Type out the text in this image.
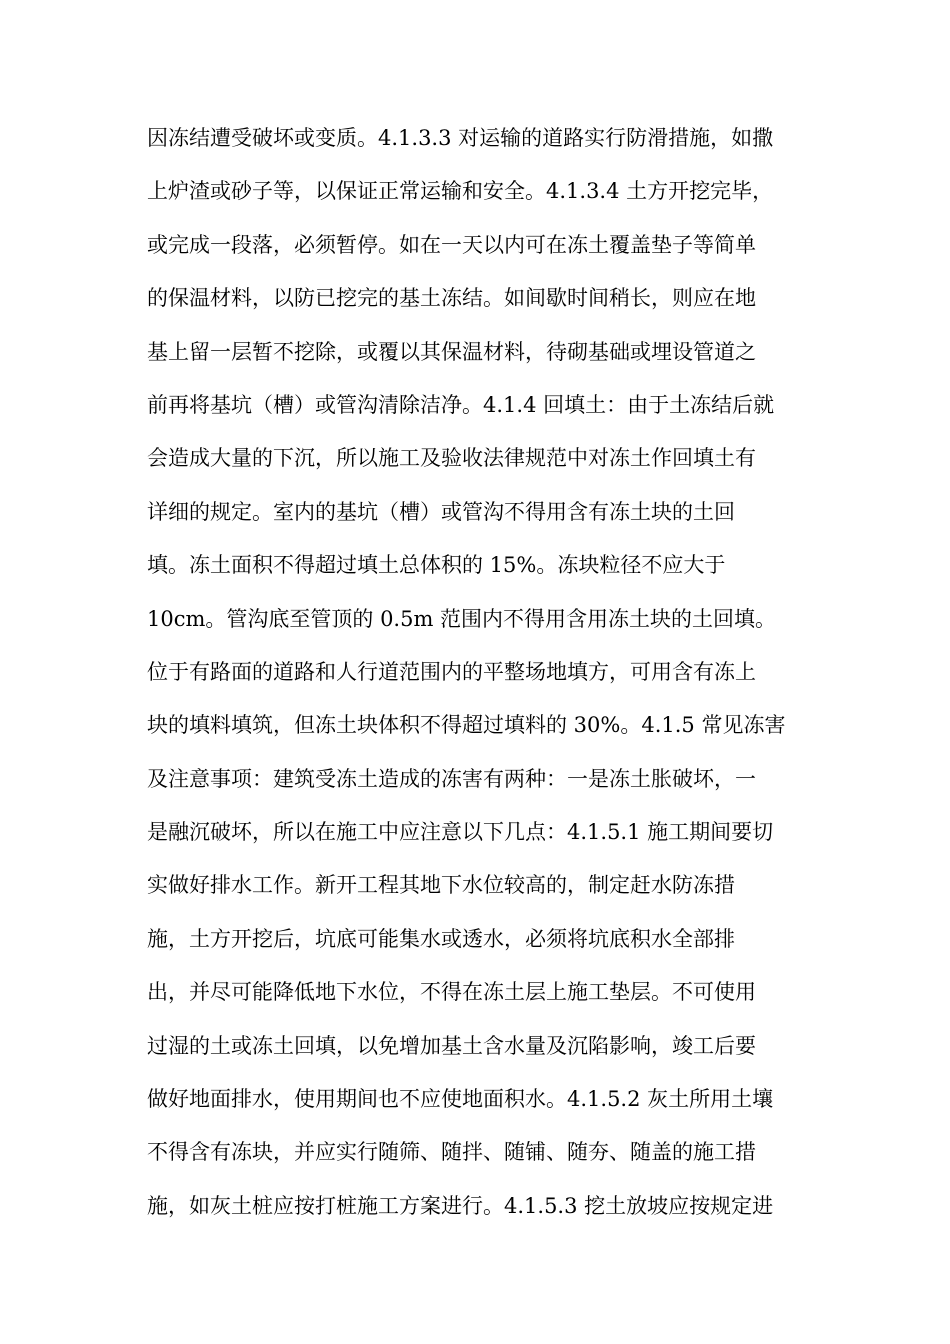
因冻结遭受破坏或变质。4.1.3.3 对运输的道路实行防滑措施，如撒
上炉渣或砂子等，以保证正常运输和安全。4.1.3.4 土方开挖完毕，
或完成一段落，必须暂停。如在一天以内可在冻土覆盖垫子等简单
的保温材料，以防已挖完的基土冻结。如间歇时间稍长，则应在地
基上留一层暂不挖除，或覆以其保温材料，待砌基础或埋设管道之
前再将基坑（槽）或管沟清除洁净。4.1.4 回填土：由于土冻结后就
会造成大量的下沉，所以施工及验收法律规范中对冻土作回填土有
详细的规定。室内的基坑（槽）或管沟不得用含有冻土块的土回
填。冻土面积不得超过填土总体积的 15%。冻块粒径不应大于
10cm。管沟底至管顶的 0.5m 范围内不得用含用冻土块的土回填。
位于有路面的道路和人行道范围内的平整场地填方，可用含有冻上
块的填料填筑，但冻土块体积不得超过填料的 30%。4.1.5 常见冻害
及注意事项：建筑受冻土造成的冻害有两种：一是冻土胀破坏，一
是融沉破坏，所以在施工中应注意以下几点：4.1.5.1 施工期间要切
实做好排水工作。新开工程其地下水位较高的，制定赶水防冻措
施，土方开挖后，坑底可能集水或透水，必须将坑底积水全部排
出，并尽可能降低地下水位，不得在冻土层上施工垫层。不可使用
过湿的土或冻土回填，以免增加基土含水量及沉陷影响，竣工后要
做好地面排水，使用期间也不应使地面积水。4.1.5.2 灰土所用土壤
不得含有冻块，并应实行随筛、随拌、随铺、随夯、随盖的施工措
施，如灰土桩应按打桩施工方案进行。4.1.5.3 挖土放坡应按规定进
